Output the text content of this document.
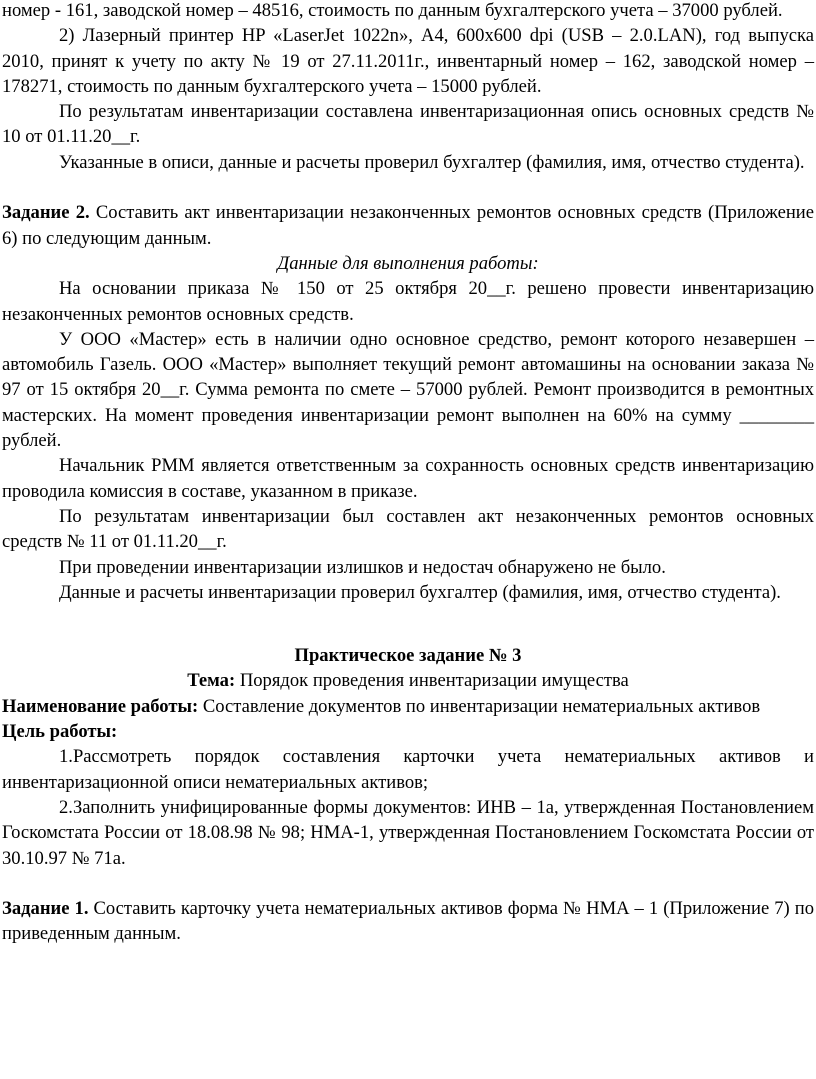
номер - 161, заводской номер – 48516, стоимость по данным бухгалтерского учета – 37000 рублей.

2) Лазерный принтер HP «LaserJet 1022n», А4, 600х600 dpi (USB – 2.0.LAN), год выпуска 2010, принят к учету по акту № 19 от 27.11.2011г., инвентарный номер – 162, заводской номер – 178271, стоимость по данным бухгалтерского учета – 15000 рублей.

По результатам инвентаризации составлена инвентаризационная опись основных средств № 10 от 01.11.20__г.

Указанные в описи, данные и расчеты проверил бухгалтер (фамилия, имя, отчество студента).

Задание 2. Составить акт инвентаризации незаконченных ремонтов основных средств (Приложение 6) по следующим данным.

Данные для выполнения работы:

На основании приказа № 150 от 25 октября 20__г. решено провести инвентаризацию незаконченных ремонтов основных средств.

У ООО «Мастер» есть в наличии одно основное средство, ремонт которого незавершен – автомобиль Газель. ООО «Мастер» выполняет текущий ремонт автомашины на основании заказа № 97 от 15 октября 20__г. Сумма ремонта по смете – 57000 рублей. Ремонт производится в ремонтных мастерских. На момент проведения инвентаризации ремонт выполнен на 60% на сумму ________ рублей.

Начальник РММ является ответственным за сохранность основных средств инвентаризацию проводила комиссия в составе, указанном в приказе.

По результатам инвентаризации был составлен акт незаконченных ремонтов основных средств № 11 от 01.11.20__г.

При проведении инвентаризации излишков и недостач обнаружено не было.

Данные и расчеты инвентаризации проверил бухгалтер (фамилия, имя, отчество студента).

Практическое задание № 3

Тема: Порядок проведения инвентаризации имущества

Наименование работы: Составление документов по инвентаризации нематериальных активов

Цель работы:

1.Рассмотреть порядок составления карточки учета нематериальных активов и инвентаризационной описи нематериальных активов;

2.Заполнить унифицированные формы документов: ИНВ – 1а, утвержденная Постановлением Госкомстата России от 18.08.98 № 98; НМА-1, утвержденная Постановлением Госкомстата России от 30.10.97 № 71а.

Задание 1. Составить карточку учета нематериальных активов форма № НМА – 1 (Приложение 7) по приведенным данным.
